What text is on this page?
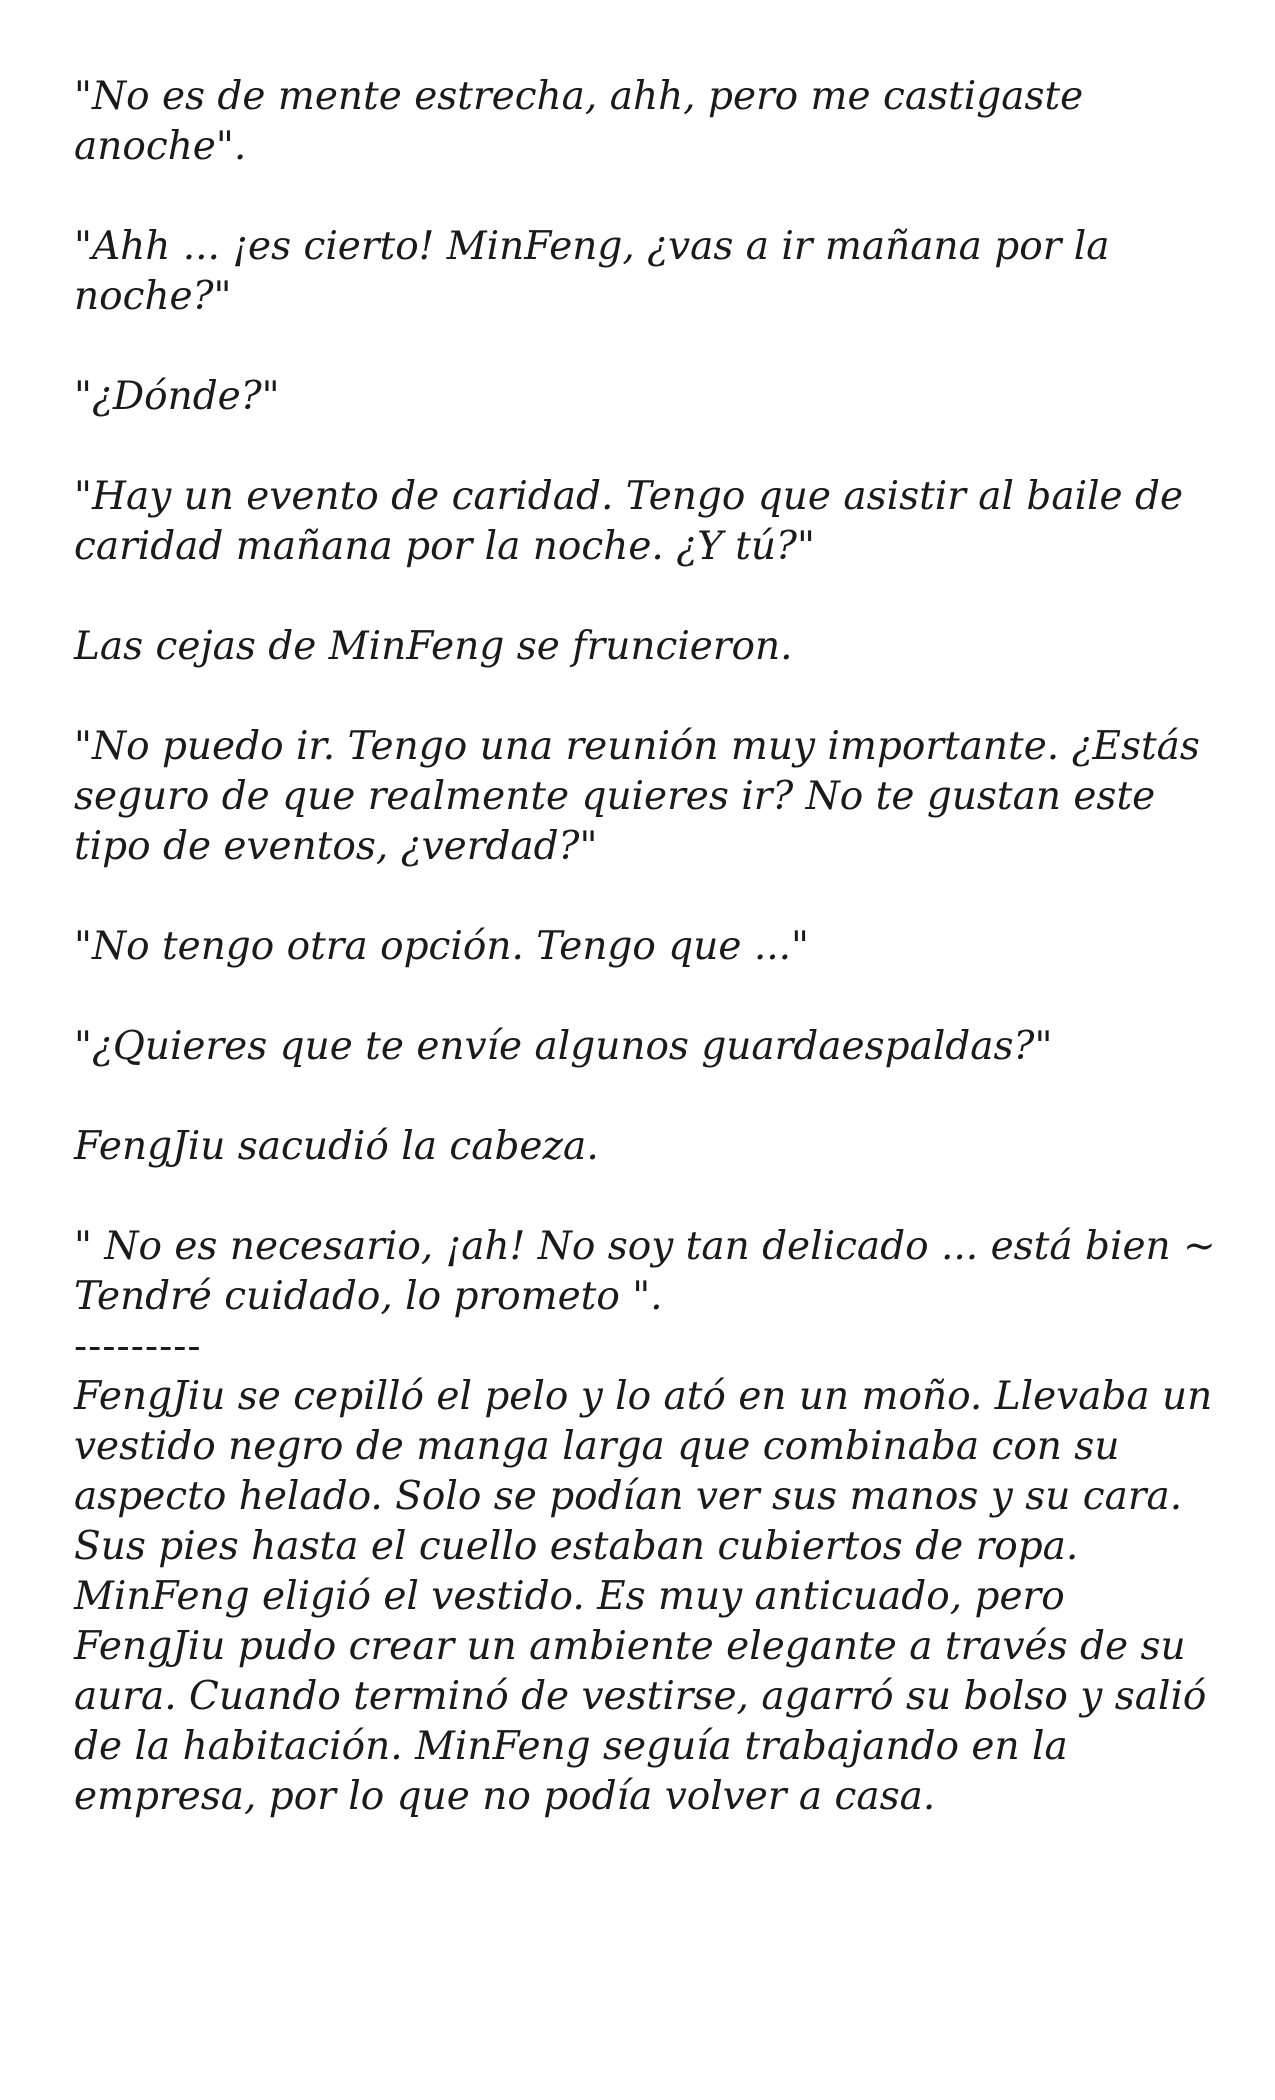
"No es de mente estrecha, ahh, pero me castigaste anoche".

"Ahh ... ¡es cierto! MinFeng, ¿vas a ir mañana por la noche?"

"¿Dónde?"

"Hay un evento de caridad. Tengo que asistir al baile de caridad mañana por la noche. ¿Y tú?"

Las cejas de MinFeng se fruncieron.

"No puedo ir. Tengo una reunión muy importante. ¿Estás seguro de que realmente quieres ir? No te gustan este tipo de eventos, ¿verdad?"

"No tengo otra opción. Tengo que ..."

"¿Quieres que te envíe algunos guardaespaldas?"

FengJiu sacudió la cabeza.

" No es necesario, ¡ah! No soy tan delicado ... está bien ~ Tendré cuidado, lo prometo ".

---------

FengJiu se cepilló el pelo y lo ató en un moño. Llevaba un vestido negro de manga larga que combinaba con su aspecto helado. Solo se podían ver sus manos y su cara. Sus pies hasta el cuello estaban cubiertos de ropa. MinFeng eligió el vestido. Es muy anticuado, pero FengJiu pudo crear un ambiente elegante a través de su aura. Cuando terminó de vestirse, agarró su bolso y salió de la habitación. MinFeng seguía trabajando en la empresa, por lo que no podía volver a casa.
